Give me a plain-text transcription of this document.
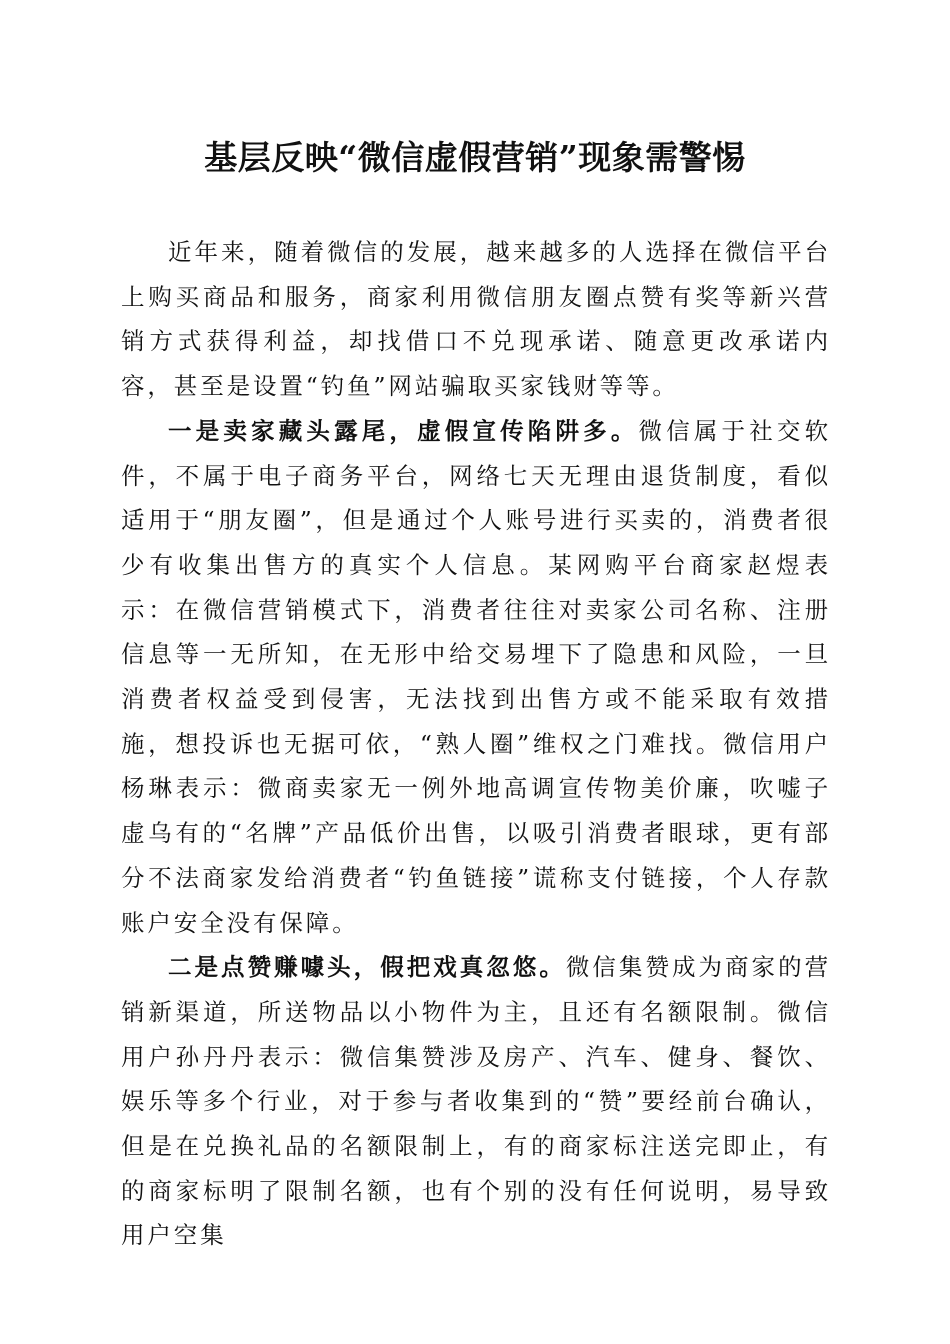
基层反映“微信虚假营销”现象需警惕

近年来，随着微信的发展，越来越多的人选择在微信平台上购买商品和服务，商家利用微信朋友圈点赞有奖等新兴营销方式获得利益，却找借口不兑现承诺、随意更改承诺内容，甚至是设置“钓鱼”网站骗取买家钱财等等。

一是卖家藏头露尾，虚假宣传陷阱多。微信属于社交软件，不属于电子商务平台，网络七天无理由退货制度，看似适用于“朋友圈”，但是通过个人账号进行买卖的，消费者很少有收集出售方的真实个人信息。某网购平台商家赵煜表示：在微信营销模式下，消费者往往对卖家公司名称、注册信息等一无所知，在无形中给交易埋下了隐患和风险，一旦消费者权益受到侵害，无法找到出售方或不能采取有效措施，想投诉也无据可依，“熟人圈”维权之门难找。微信用户杨琳表示：微商卖家无一例外地高调宣传物美价廉，吹嘘子虚乌有的“名牌”产品低价出售，以吸引消费者眼球，更有部分不法商家发给消费者“钓鱼链接”谎称支付链接，个人存款账户安全没有保障。

二是点赞赚噱头，假把戏真忽悠。微信集赞成为商家的营销新渠道，所送物品以小物件为主，且还有名额限制。微信用户孙丹丹表示：微信集赞涉及房产、汽车、健身、餐饮、娱乐等多个行业，对于参与者收集到的“赞”要经前台确认，但是在兑换礼品的名额限制上，有的商家标注送完即止，有的商家标明了限制名额，也有个别的没有任何说明，易导致用户空集
